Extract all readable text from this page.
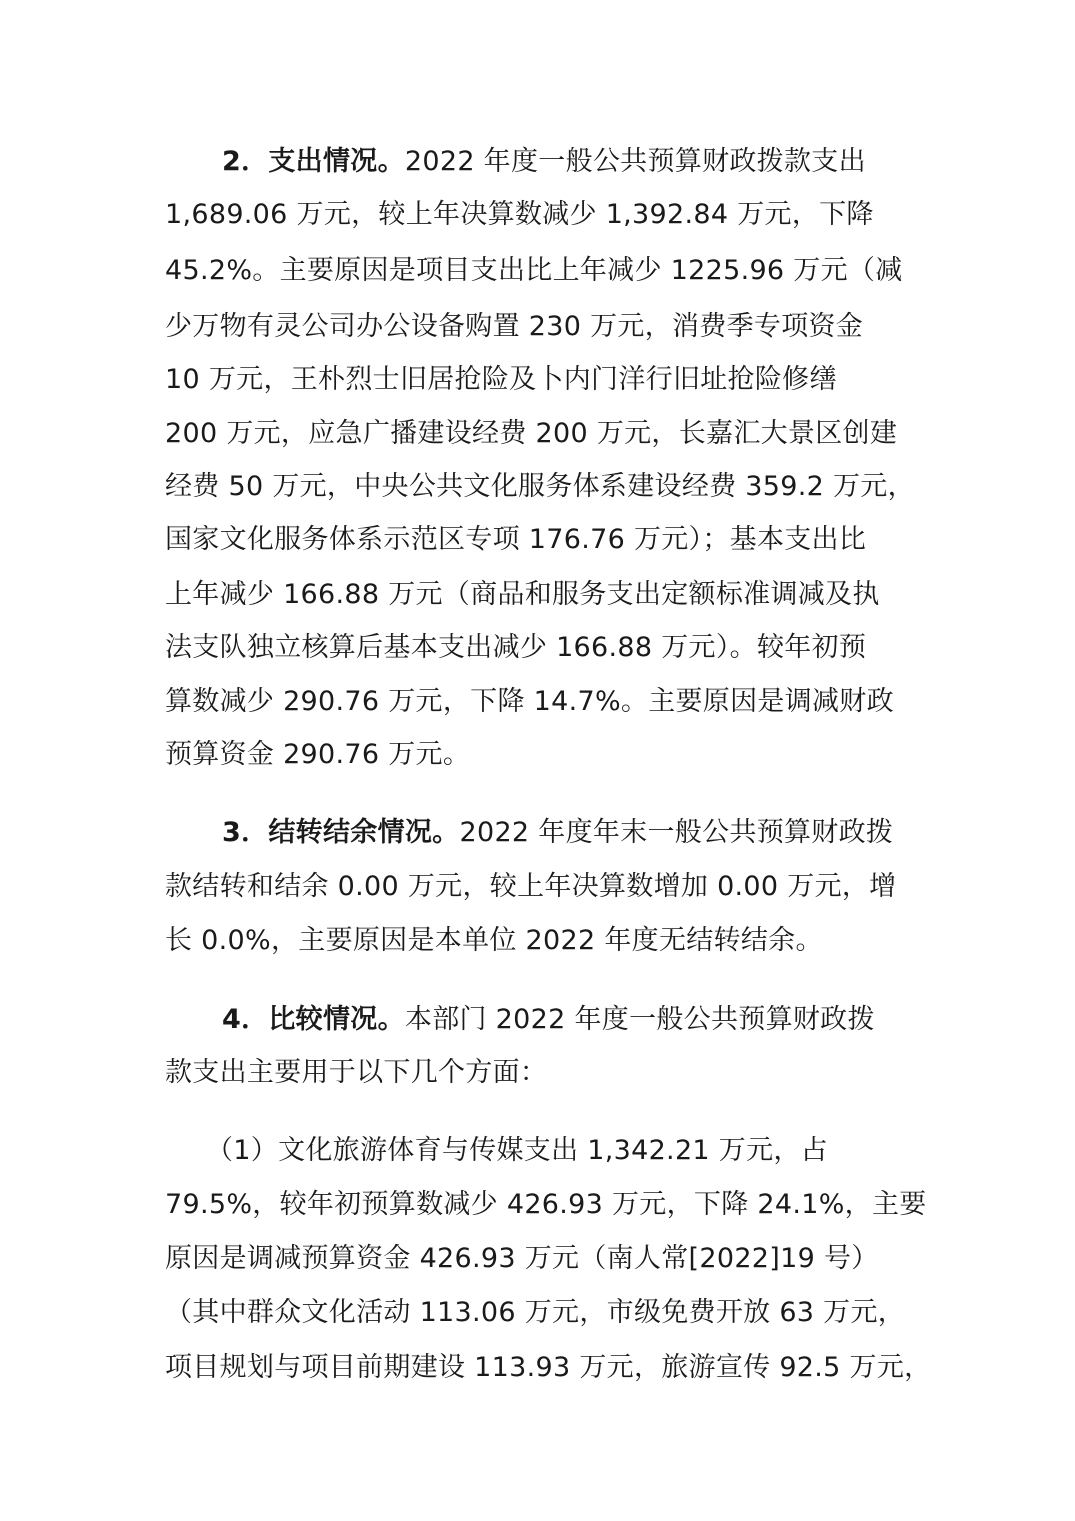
2．支出情况。2022 年度一般公共预算财政拨款支出
1,689.06 万元，较上年决算数减少 1,392.84 万元，下降
45.2%。主要原因是项目支出比上年减少 1225.96 万元（减
少万物有灵公司办公设备购置 230 万元，消费季专项资金
10 万元，王朴烈士旧居抢险及卜内门洋行旧址抢险修缮
200 万元，应急广播建设经费 200 万元，长嘉汇大景区创建
经费 50 万元，中央公共文化服务体系建设经费 359.2 万元，
国家文化服务体系示范区专项 176.76 万元）；基本支出比
上年减少 166.88 万元（商品和服务支出定额标准调减及执
法支队独立核算后基本支出减少 166.88 万元）。较年初预
算数减少 290.76 万元，下降 14.7%。主要原因是调减财政
预算资金 290.76 万元。
3．结转结余情况。2022 年度年末一般公共预算财政拨
款结转和结余 0.00 万元，较上年决算数增加 0.00 万元，增
长 0.0%，主要原因是本单位 2022 年度无结转结余。
4．比较情况。本部门 2022 年度一般公共预算财政拨
款支出主要用于以下几个方面：
（1）文化旅游体育与传媒支出 1,342.21 万元，占
79.5%，较年初预算数减少 426.93 万元，下降 24.1%，主要
原因是调减预算资金 426.93 万元（南人常[2022]19 号）
（其中群众文化活动 113.06 万元，市级免费开放 63 万元，
项目规划与项目前期建设 113.93 万元，旅游宣传 92.5 万元，
